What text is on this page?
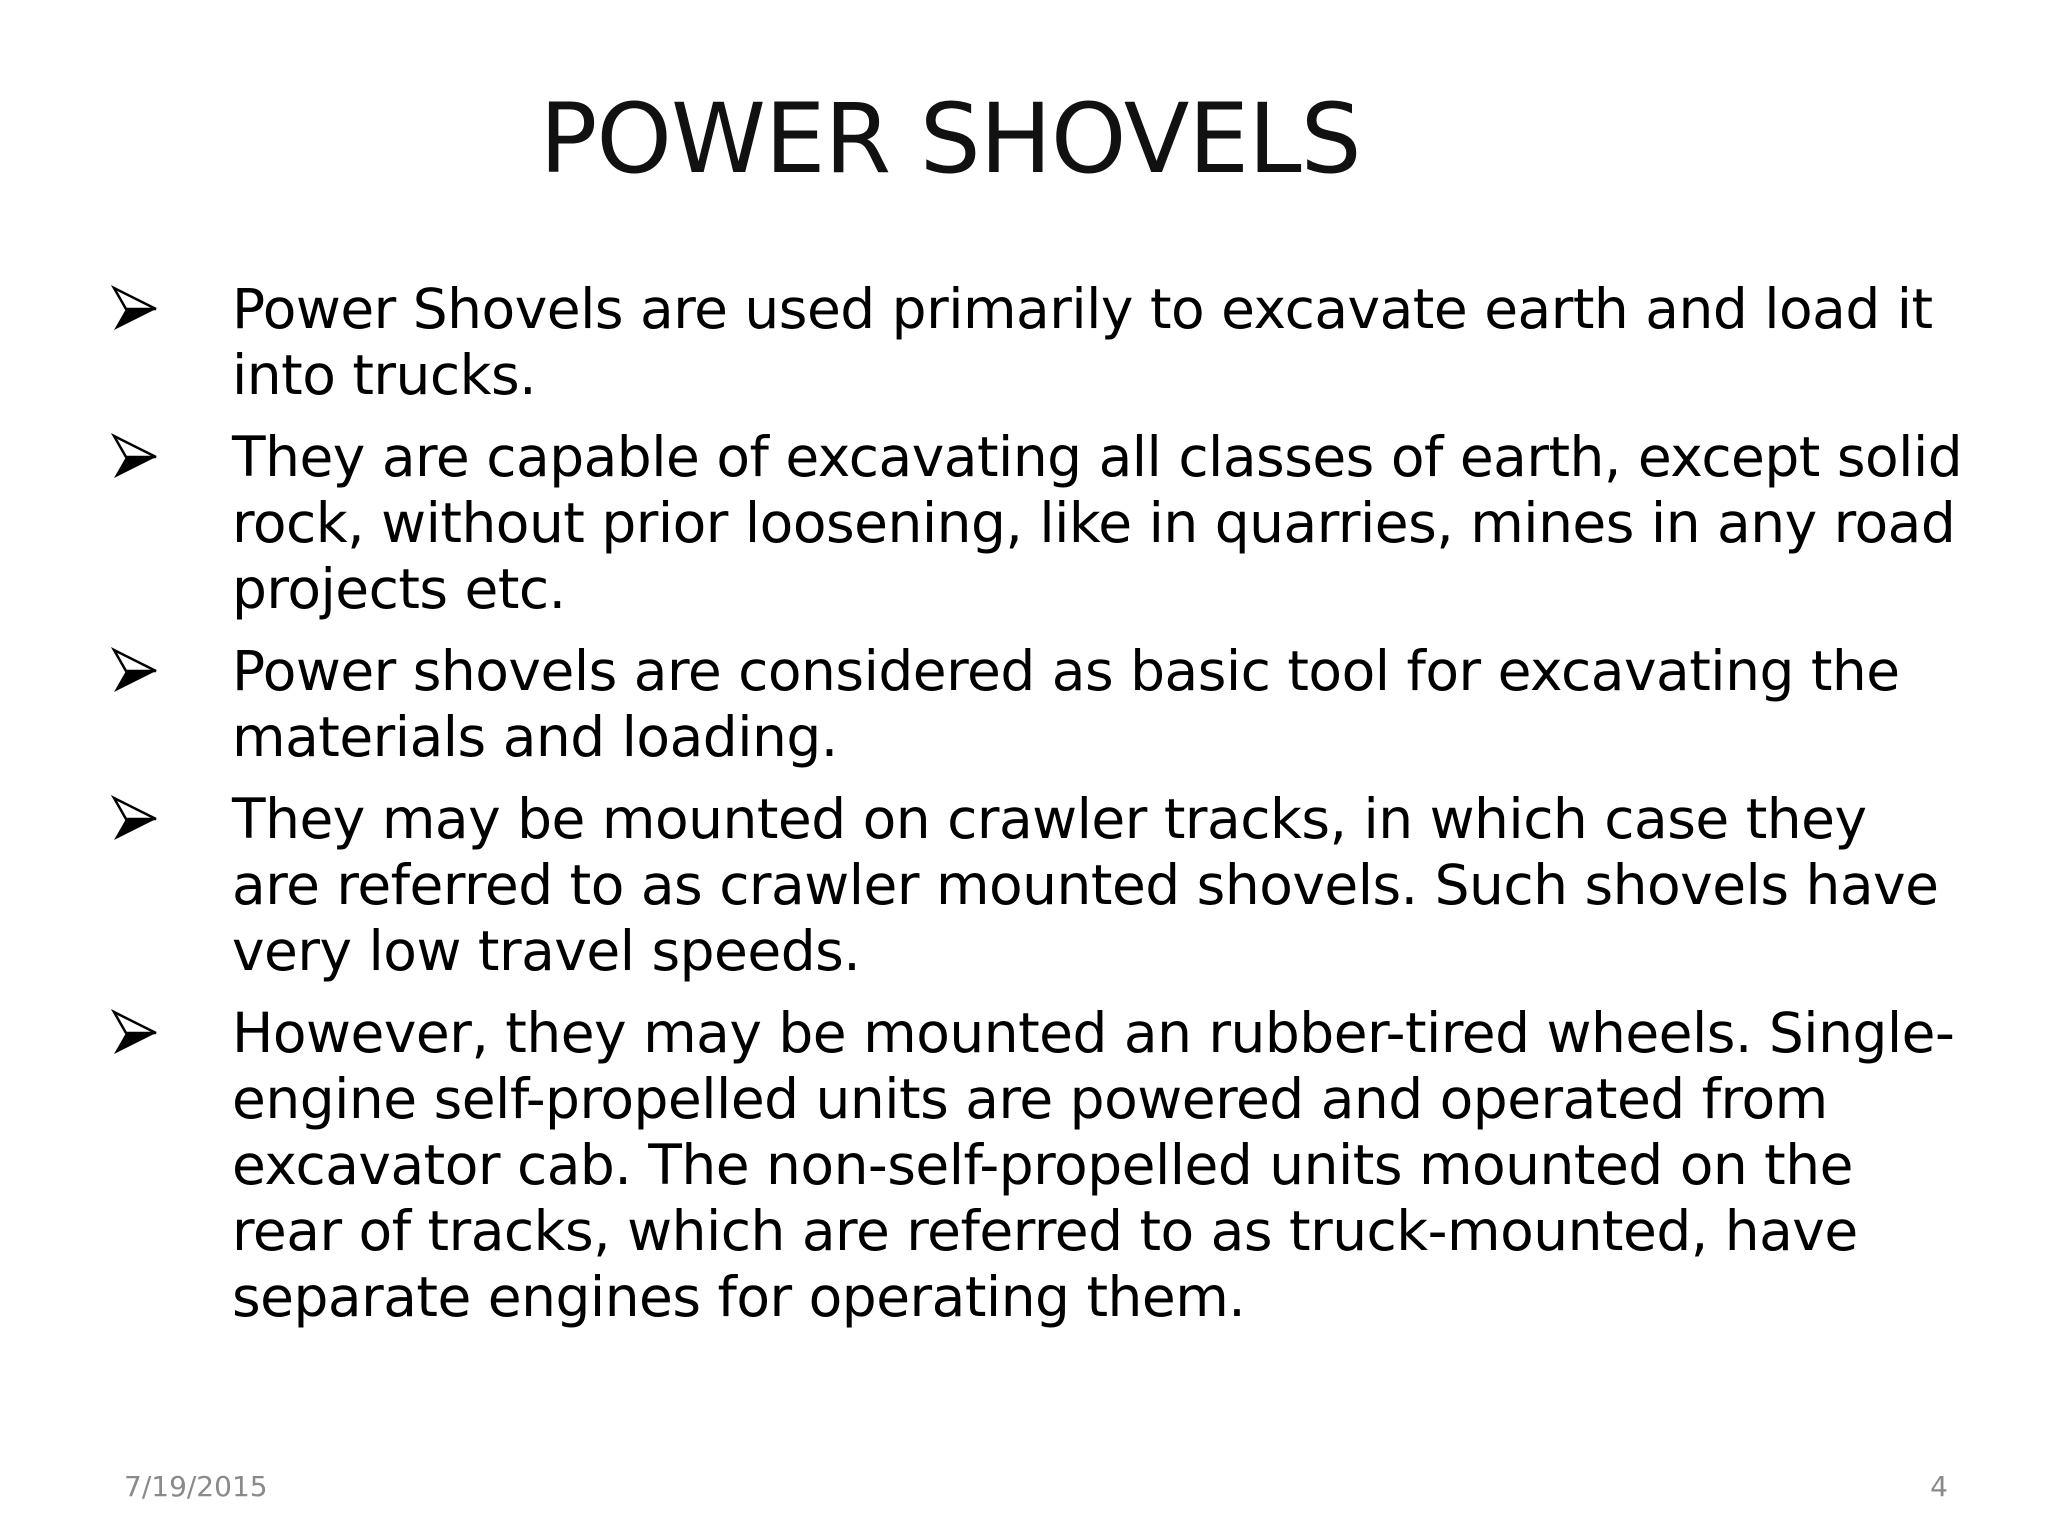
POWER SHOVELS
Power Shovels are used primarily to excavate earth and load it into trucks.
They are capable of excavating all classes of earth, except solid rock, without prior loosening, like in quarries, mines in any road projects etc.
Power shovels are considered as basic tool for excavating the materials and loading.
They may be mounted on crawler tracks, in which case they are referred to as crawler mounted shovels. Such shovels have very low travel speeds.
However, they may be mounted an rubber-tired wheels. Single-engine self-propelled units are powered and operated from excavator cab. The non-self-propelled units mounted on the rear of tracks, which are referred to as truck-mounted, have separate engines for operating them.
7/19/2015	4
